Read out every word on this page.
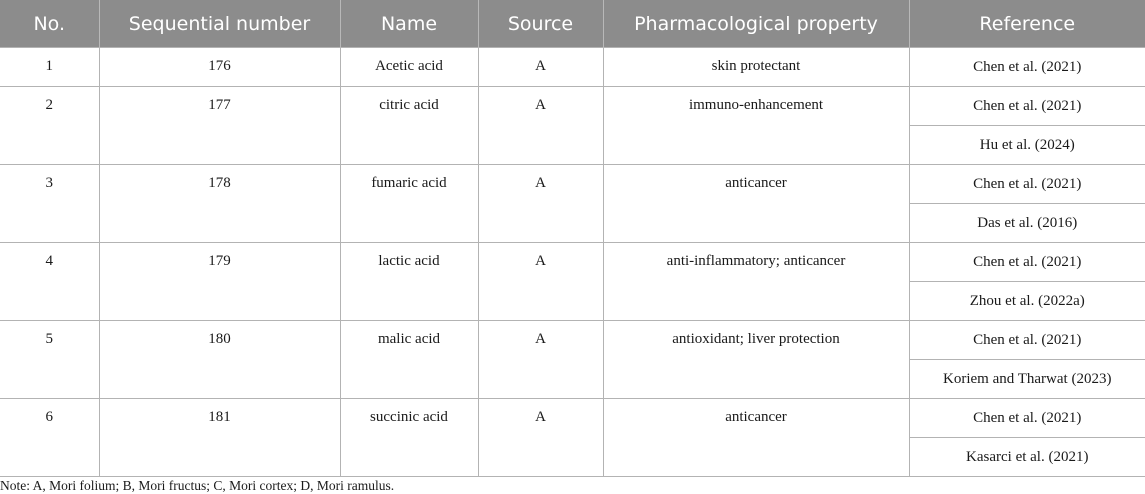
No.	Sequential number	Name	Source	Pharmacological property	Reference
1	176	Acetic acid	A	skin protectant	Chen et al. (2021)
2	177	citric acid	A	immuno-enhancement	Chen et al. (2021)
					Hu et al. (2024)
3	178	fumaric acid	A	anticancer	Chen et al. (2021)
					Das et al. (2016)
4	179	lactic acid	A	anti-inflammatory; anticancer	Chen et al. (2021)
					Zhou et al. (2022a)
5	180	malic acid	A	antioxidant; liver protection	Chen et al. (2021)
					Koriem and Tharwat (2023)
6	181	succinic acid	A	anticancer	Chen et al. (2021)
					Kasarci et al. (2021)
Note: A, Mori folium; B, Mori fructus; C, Mori cortex; D, Mori ramulus.
